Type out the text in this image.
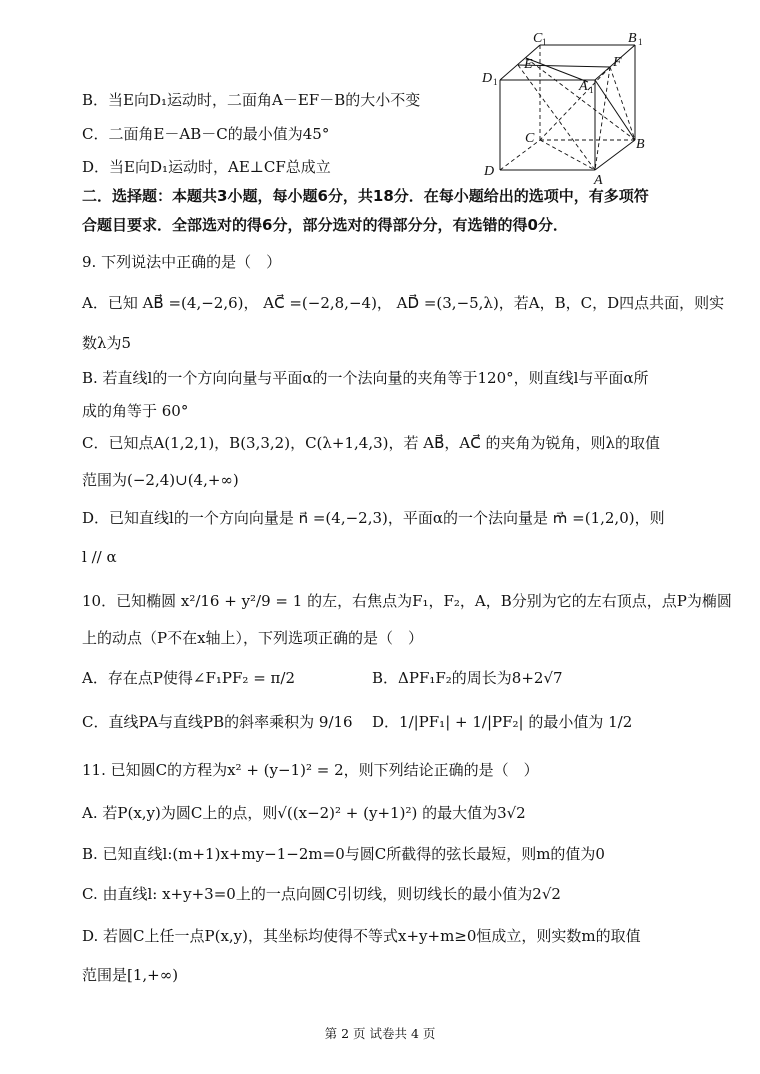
C 1	B 1
D 1
E	F
A 1
C	B
D
A
B．当E向D₁运动时，二面角A－EF－B的大小不变
C．二面角E－AB－C的最小值为45°
D．当E向D₁运动时，AE⊥CF总成立
二．选择题：本题共3小题，每小题6分，共18分．在每小题给出的选项中，有多项符
合题目要求．全部选对的得6分，部分选对的得部分分，有选错的得0分．
9. 下列说法中正确的是（　）
A．已知 AB⃗ =(4,−2,6)， AC⃗ =(−2,8,−4)， AD⃗ =(3,−5,λ)，若A，B，C，D四点共面，则实
数λ为5
B. 若直线l的一个方向向量与平面α的一个法向量的夹角等于120°，则直线l与平面α所
成的角等于 60°
C．已知点A(1,2,1)，B(3,3,2)，C(λ+1,4,3)，若 AB⃗，AC⃗ 的夹角为锐角，则λ的取值
范围为(−2,4)∪(4,+∞)
D．已知直线l的一个方向向量是 n⃗ =(4,−2,3)，平面α的一个法向量是 m⃗ =(1,2,0)，则
l // α
10．已知椭圆 x²/16 + y²/9 = 1 的左，右焦点为F₁，F₂，A，B分别为它的左右顶点，点P为椭圆
上的动点（P不在x轴上），下列选项正确的是（　）
A．存在点P使得∠F₁PF₂ = π/2	B．ΔPF₁F₂的周长为8+2√7
C．直线PA与直线PB的斜率乘积为 9/16 D．1/|PF₁| + 1/|PF₂| 的最小值为 1/2
11. 已知圆C的方程为x² + (y−1)² = 2，则下列结论正确的是（　）
A. 若P(x,y)为圆C上的点，则√((x−2)² + (y+1)²) 的最大值为3√2
B. 已知直线l:(m+1)x+my−1−2m=0与圆C所截得的弦长最短，则m的值为0
C. 由直线l: x+y+3=0上的一点向圆C引切线，则切线长的最小值为2√2
D. 若圆C上任一点P(x,y)，其坐标均使得不等式x+y+m≥0恒成立，则实数m的取值
范围是[1,+∞)
第 2 页 试卷共 4 页
